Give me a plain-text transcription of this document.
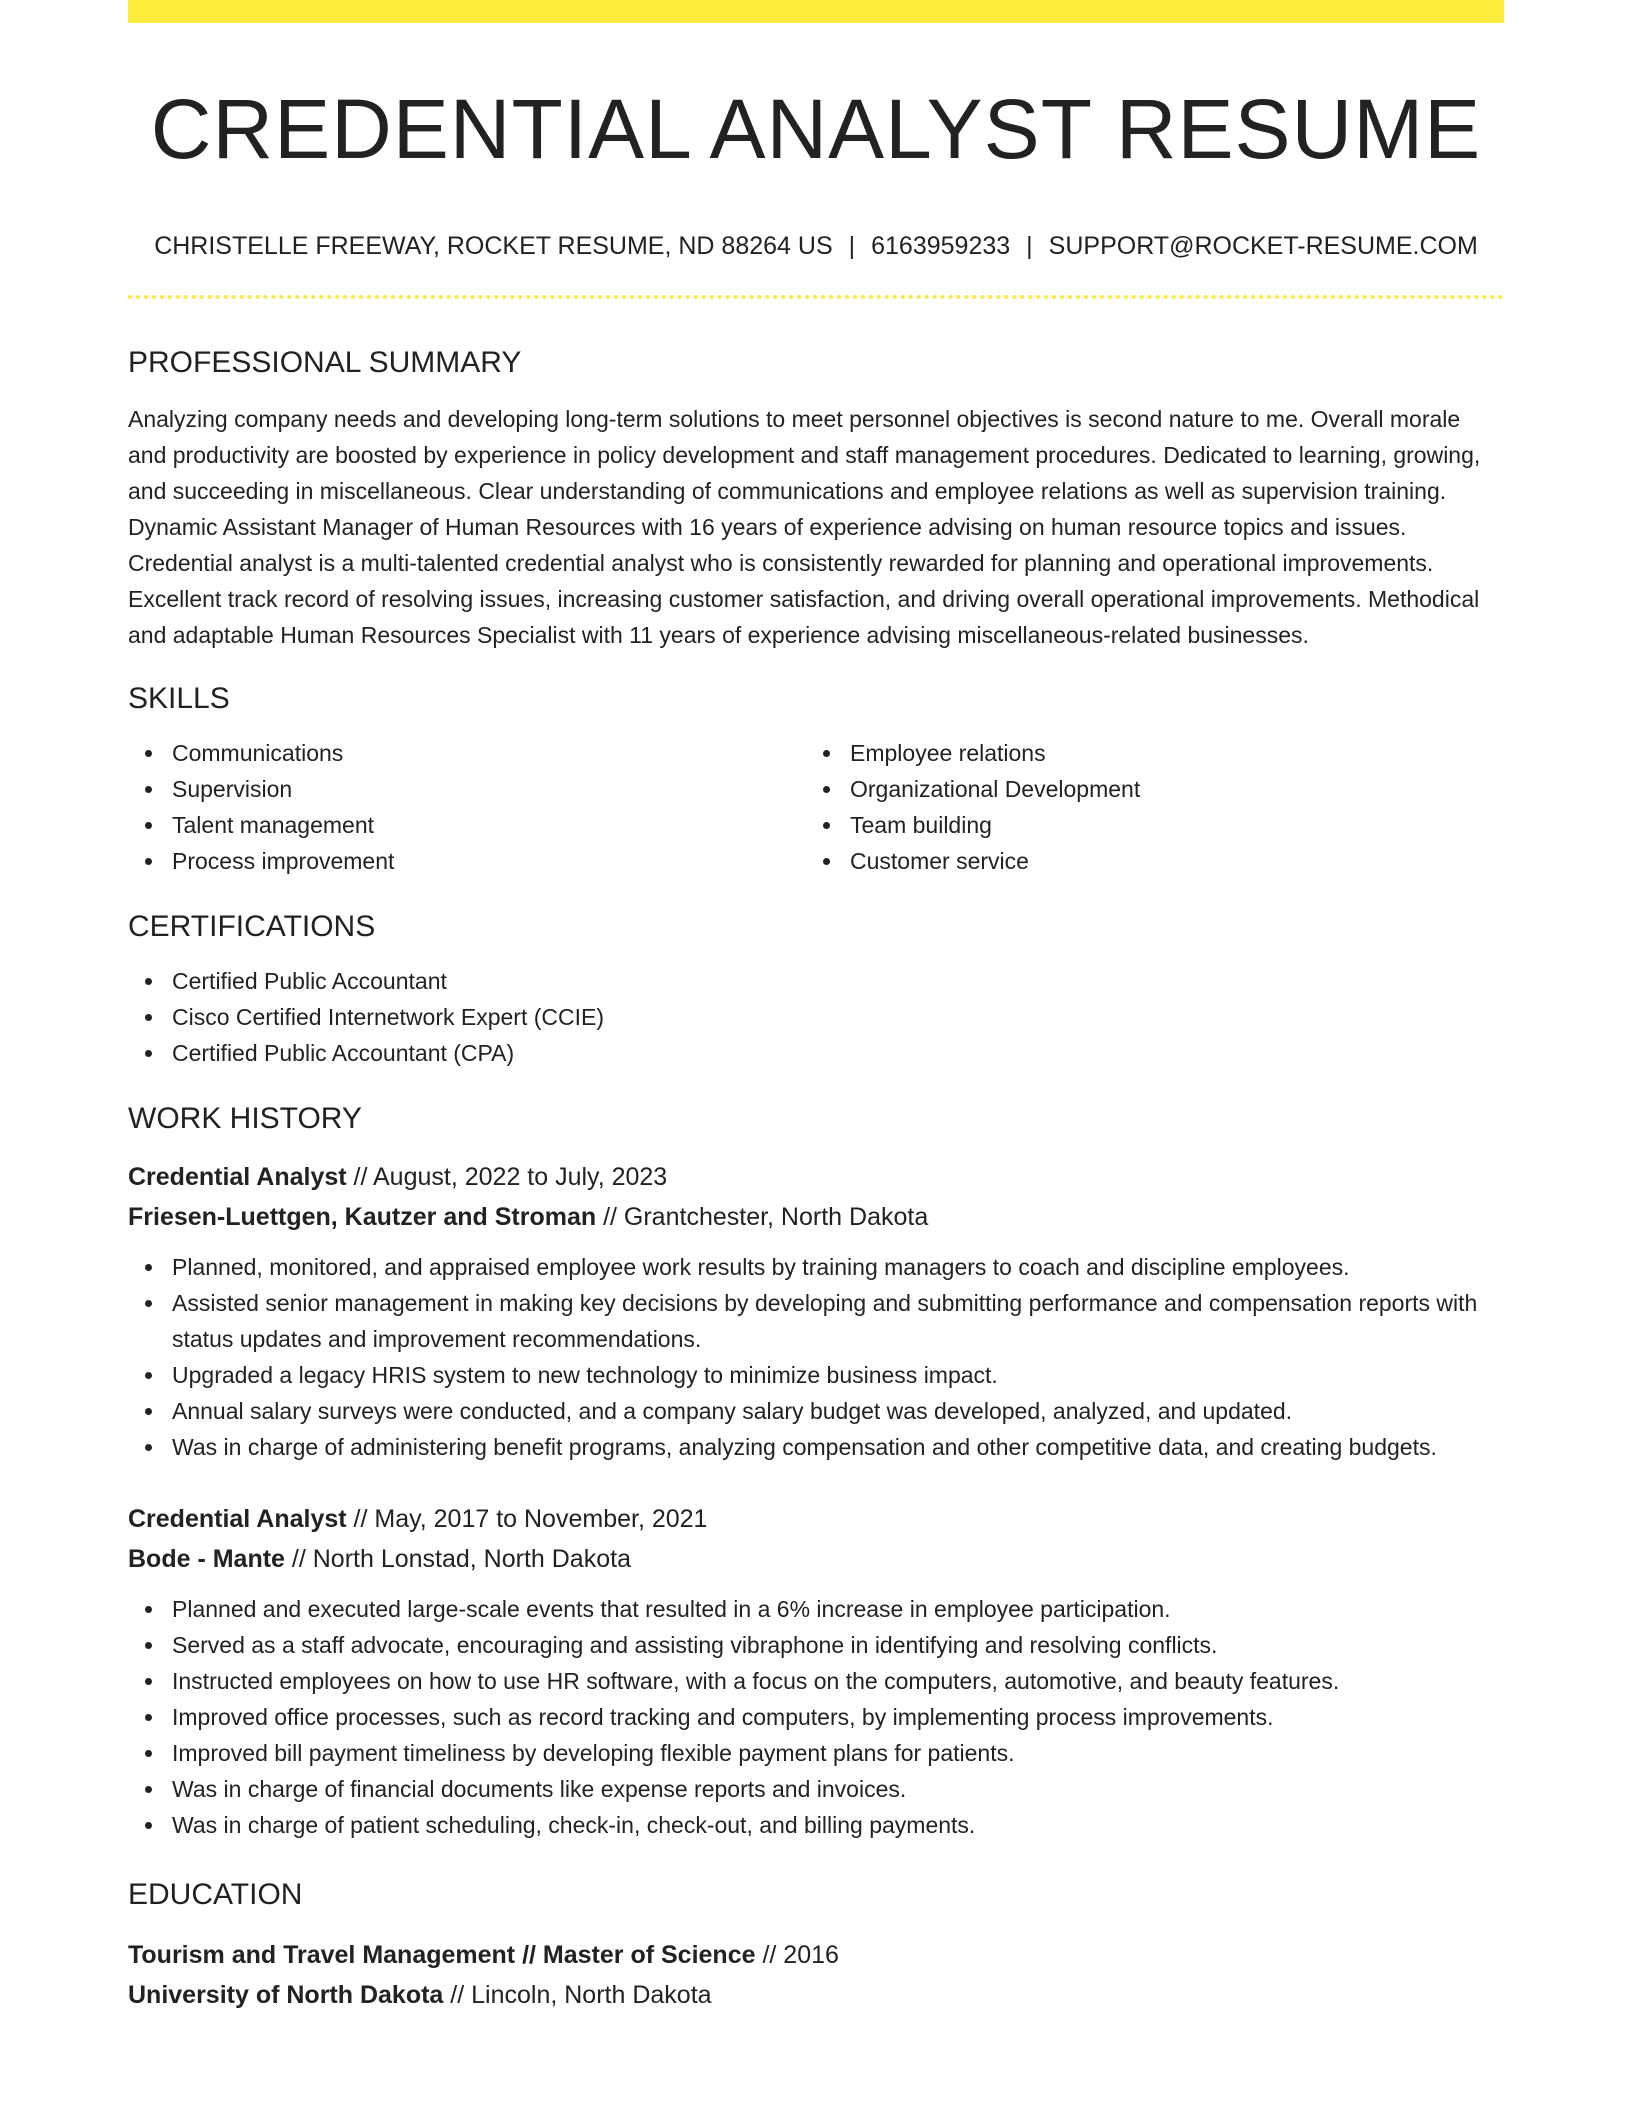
CREDENTIAL ANALYST RESUME
CHRISTELLE FREEWAY, ROCKET RESUME, ND 88264 US | 6163959233 | SUPPORT@ROCKET-RESUME.COM
PROFESSIONAL SUMMARY
Analyzing company needs and developing long-term solutions to meet personnel objectives is second nature to me. Overall morale and productivity are boosted by experience in policy development and staff management procedures. Dedicated to learning, growing, and succeeding in miscellaneous. Clear understanding of communications and employee relations as well as supervision training. Dynamic Assistant Manager of Human Resources with 16 years of experience advising on human resource topics and issues. Credential analyst is a multi-talented credential analyst who is consistently rewarded for planning and operational improvements. Excellent track record of resolving issues, increasing customer satisfaction, and driving overall operational improvements. Methodical and adaptable Human Resources Specialist with 11 years of experience advising miscellaneous-related businesses.
SKILLS
Communications
Supervision
Talent management
Process improvement
Employee relations
Organizational Development
Team building
Customer service
CERTIFICATIONS
Certified Public Accountant
Cisco Certified Internetwork Expert (CCIE)
Certified Public Accountant (CPA)
WORK HISTORY
Credential Analyst // August, 2022 to July, 2023
Friesen-Luettgen, Kautzer and Stroman // Grantchester, North Dakota
Planned, monitored, and appraised employee work results by training managers to coach and discipline employees.
Assisted senior management in making key decisions by developing and submitting performance and compensation reports with status updates and improvement recommendations.
Upgraded a legacy HRIS system to new technology to minimize business impact.
Annual salary surveys were conducted, and a company salary budget was developed, analyzed, and updated.
Was in charge of administering benefit programs, analyzing compensation and other competitive data, and creating budgets.
Credential Analyst // May, 2017 to November, 2021
Bode - Mante // North Lonstad, North Dakota
Planned and executed large-scale events that resulted in a 6% increase in employee participation.
Served as a staff advocate, encouraging and assisting vibraphone in identifying and resolving conflicts.
Instructed employees on how to use HR software, with a focus on the computers, automotive, and beauty features.
Improved office processes, such as record tracking and computers, by implementing process improvements.
Improved bill payment timeliness by developing flexible payment plans for patients.
Was in charge of financial documents like expense reports and invoices.
Was in charge of patient scheduling, check-in, check-out, and billing payments.
EDUCATION
Tourism and Travel Management // Master of Science // 2016
University of North Dakota // Lincoln, North Dakota
